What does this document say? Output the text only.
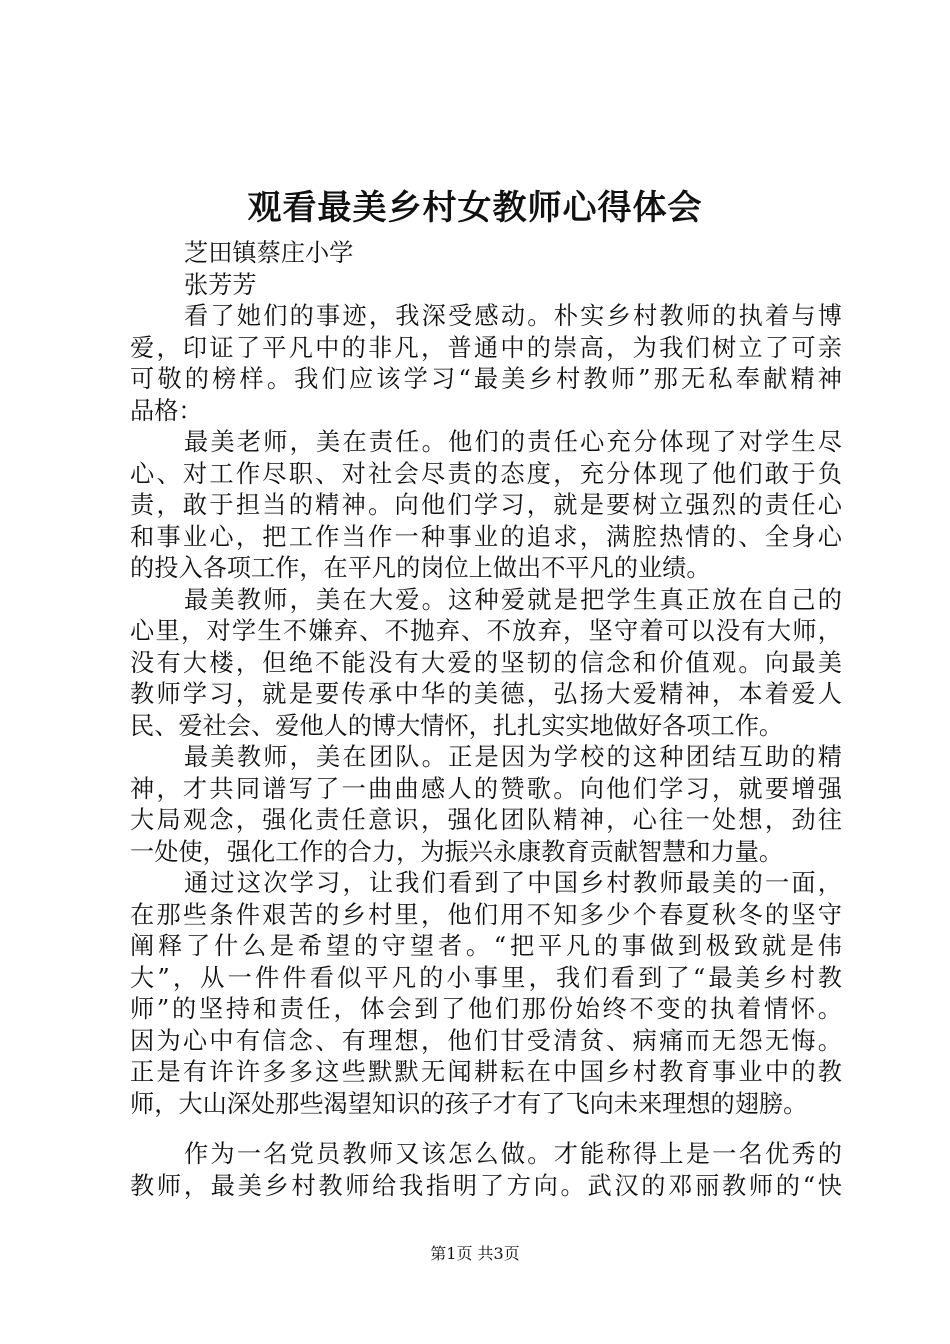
观看最美乡村女教师心得体会
芝田镇蔡庄小学
张芳芳
看了她们的事迹，我深受感动。朴实乡村教师的执着与博
爱，印证了平凡中的非凡，普通中的崇高，为我们树立了可亲
可敬的榜样。我们应该学习“最美乡村教师”那无私奉献精神
品格：
最美老师，美在责任。他们的责任心充分体现了对学生尽
心、对工作尽职、对社会尽责的态度，充分体现了他们敢于负
责，敢于担当的精神。向他们学习，就是要树立强烈的责任心
和事业心，把工作当作一种事业的追求，满腔热情的、全身心
的投入各项工作，在平凡的岗位上做出不平凡的业绩。
最美教师，美在大爱。这种爱就是把学生真正放在自己的
心里，对学生不嫌弃、不抛弃、不放弃，坚守着可以没有大师，
没有大楼，但绝不能没有大爱的坚韧的信念和价值观。向最美
教师学习，就是要传承中华的美德，弘扬大爱精神，本着爱人
民、爱社会、爱他人的博大情怀，扎扎实实地做好各项工作。
最美教师，美在团队。正是因为学校的这种团结互助的精
神，才共同谱写了一曲曲感人的赞歌。向他们学习，就要增强
大局观念，强化责任意识，强化团队精神，心往一处想，劲往
一处使，强化工作的合力，为振兴永康教育贡献智慧和力量。
通过这次学习，让我们看到了中国乡村教师最美的一面，
在那些条件艰苦的乡村里，他们用不知多少个春夏秋冬的坚守
阐释了什么是希望的守望者。“把平凡的事做到极致就是伟
大”，从一件件看似平凡的小事里，我们看到了“最美乡村教
师”的坚持和责任，体会到了他们那份始终不变的执着情怀。
因为心中有信念、有理想，他们甘受清贫、病痛而无怨无悔。
正是有许许多多这些默默无闻耕耘在中国乡村教育事业中的教
师，大山深处那些渴望知识的孩子才有了飞向未来理想的翅膀。
作为一名党员教师又该怎么做。才能称得上是一名优秀的
教师，最美乡村教师给我指明了方向。武汉的邓丽教师的“快
第1页 共3页
